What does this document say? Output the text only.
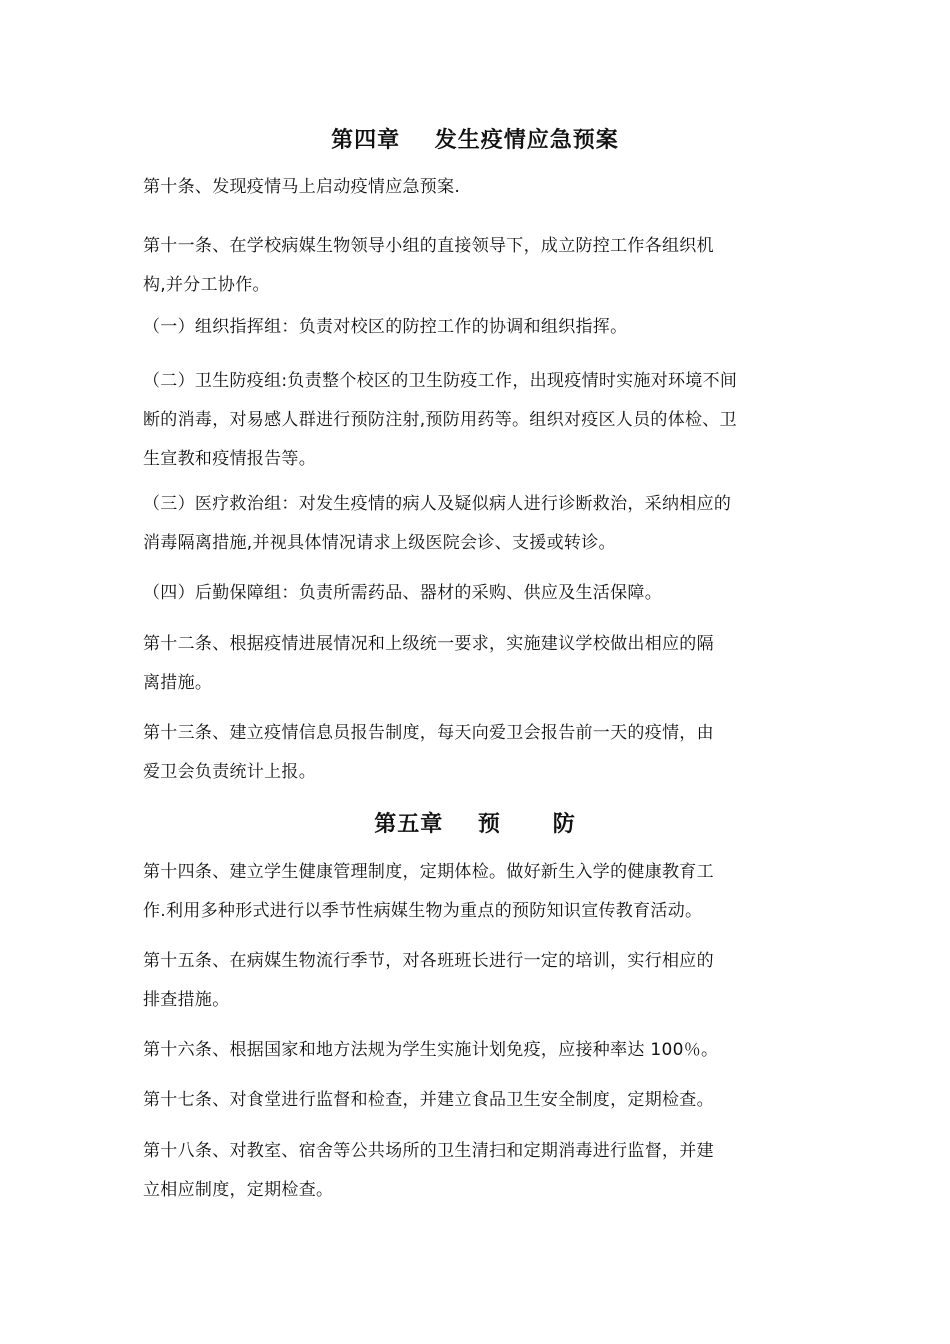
第四章    发生疫情应急预案
第十条、发现疫情马上启动疫情应急预案.
第十一条、在学校病媒生物领导小组的直接领导下，成立防控工作各组织机
构,并分工协作。
（一）组织指挥组：负责对校区的防控工作的协调和组织指挥。
（二）卫生防疫组:负责整个校区的卫生防疫工作，出现疫情时实施对环境不间
断的消毒，对易感人群进行预防注射,预防用药等。组织对疫区人员的体检、卫
生宣教和疫情报告等。
（三）医疗救治组：对发生疫情的病人及疑似病人进行诊断救治，采纳相应的
消毒隔离措施,并视具体情况请求上级医院会诊、支援或转诊。
（四）后勤保障组：负责所需药品、器材的采购、供应及生活保障。
第十二条、根据疫情进展情况和上级统一要求，实施建议学校做出相应的隔
离措施。
第十三条、建立疫情信息员报告制度，每天向爱卫会报告前一天的疫情，由
爱卫会负责统计上报。
第五章    预      防
第十四条、建立学生健康管理制度，定期体检。做好新生入学的健康教育工
作.利用多种形式进行以季节性病媒生物为重点的预防知识宣传教育活动。
第十五条、在病媒生物流行季节，对各班班长进行一定的培训，实行相应的
排查措施。
第十六条、根据国家和地方法规为学生实施计划免疫，应接种率达 100％。
第十七条、对食堂进行监督和检查，并建立食品卫生安全制度，定期检查。
第十八条、对教室、宿舍等公共场所的卫生清扫和定期消毒进行监督，并建
立相应制度，定期检查。
